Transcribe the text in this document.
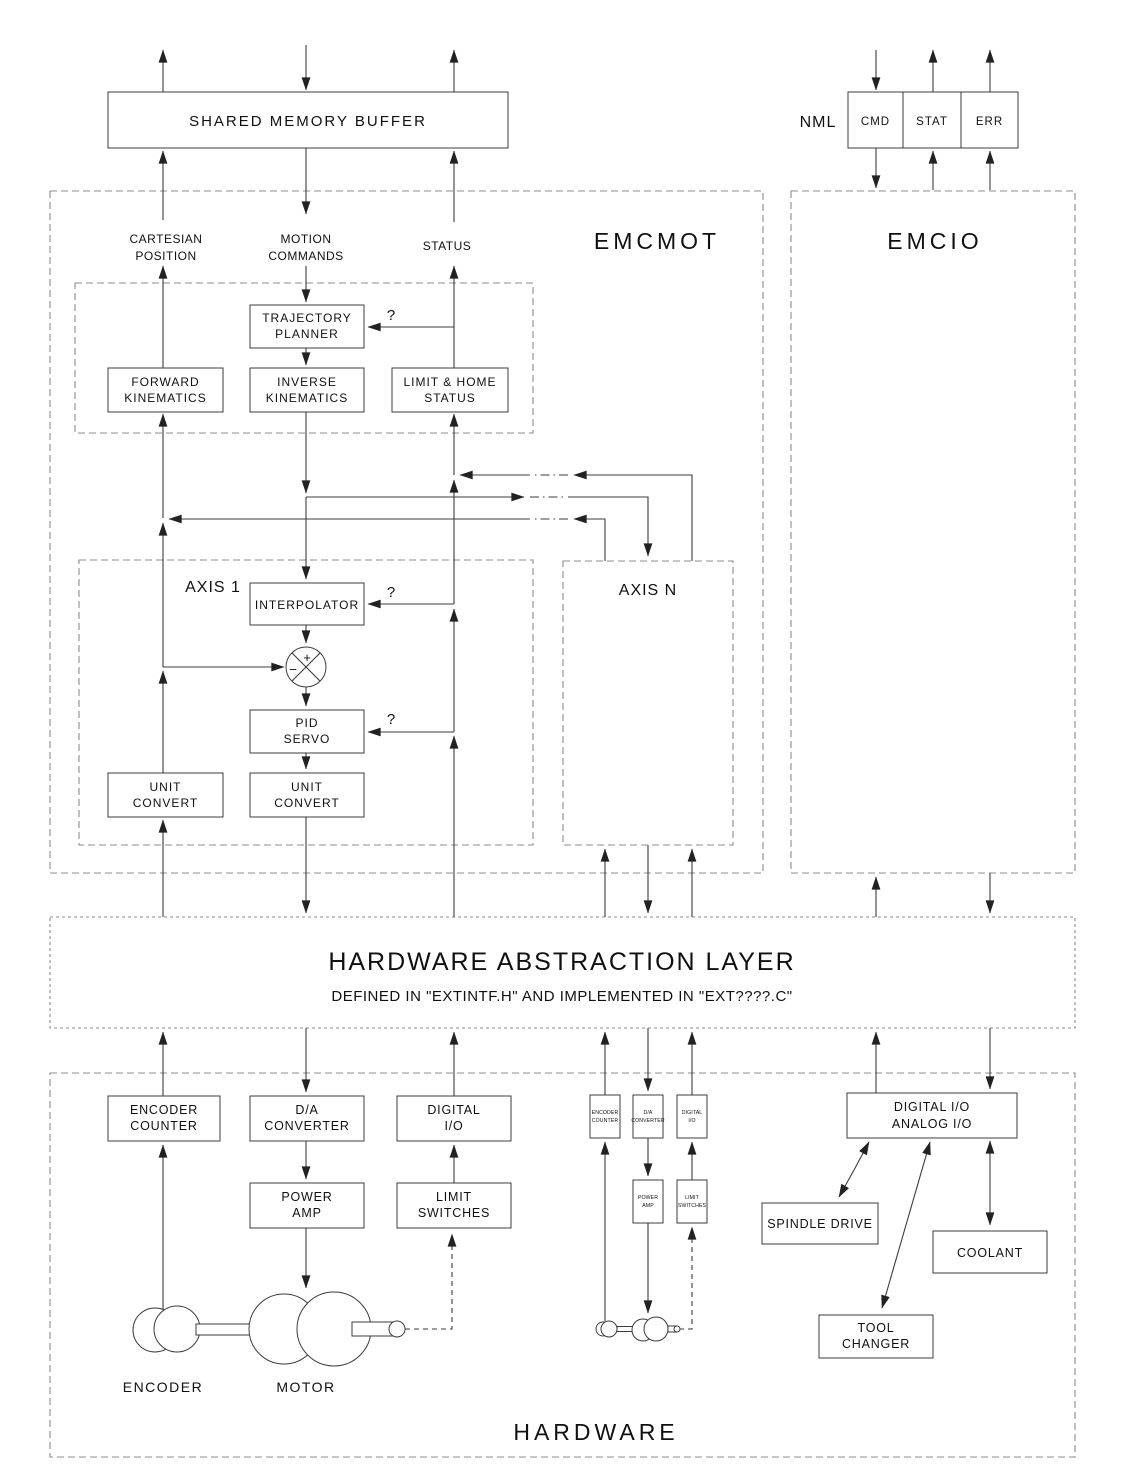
SHARED MEMORY BUFFER	NML CMD STAT ERR
EMCMOT	EMCIO
CARTESIAN
POSITION
MOTION
COMMANDS
STATUS
TRAJECTORY
PLANNER
?
FORWARD
KINEMATICS
INVERSE
KINEMATICS
LIMIT & HOME
STATUS
AXIS 1
INTERPOLATOR
?
+
−
PID
SERVO
?
UNIT
CONVERT
UNIT
CONVERT
AXIS N
HARDWARE ABSTRACTION LAYER
DEFINED IN "EXTINTF.H" AND IMPLEMENTED IN "EXT????.C"
ENCODER
COUNTER
D/A
CONVERTER
DIGITAL
I/O
POWER
AMP
LIMIT
SWITCHES
ENCODER
COUNTER
D/A
CONVERTER
DIGITAL
I/O
POWER
AMP
LIMIT
SWITCHES
DIGITAL I/O
ANALOG I/O
SPINDLE DRIVE
COOLANT
TOOL
CHANGER
ENCODER	MOTOR
HARDWARE
